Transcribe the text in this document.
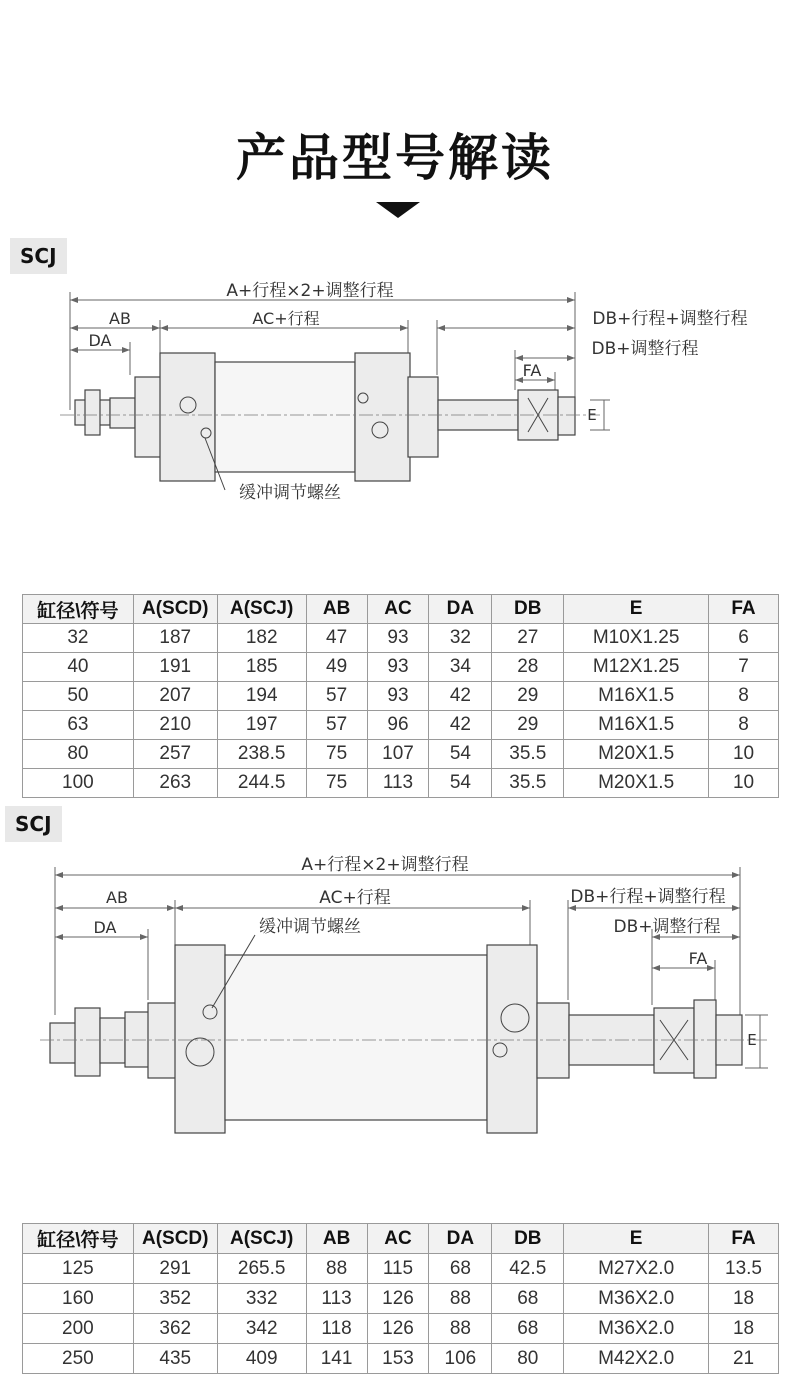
产品型号解读
SCJ
A+行程×2+调整行程
AB	AC+行程
DA
DB+行程+调整行程
DB+调整行程
FA
E
缓冲调节螺丝
缸径\符号	A(SCD)	A(SCJ)	AB	AC	DA	DB	E	FA
32	187	182	47	93	32	27	M10X1.25	6
40	191	185	49	93	34	28	M12X1.25	7
50	207	194	57	93	42	29	M16X1.5	8
63	210	197	57	96	42	29	M16X1.5	8
80	257	238.5	75	107	54	35.5	M20X1.5	10
100	263	244.5	75	113	54	35.5	M20X1.5	10
SCJ
A+行程×2+调整行程
AB	AC+行程
DA	缓冲调节螺丝
DB+行程+调整行程
DB+调整行程
FA
E
缸径\符号	A(SCD)	A(SCJ)	AB	AC	DA	DB	E	FA
125	291	265.5	88	115	68	42.5	M27X2.0	13.5
160	352	332	113	126	88	68	M36X2.0	18
200	362	342	118	126	88	68	M36X2.0	18
250	435	409	141	153	106	80	M42X2.0	21
